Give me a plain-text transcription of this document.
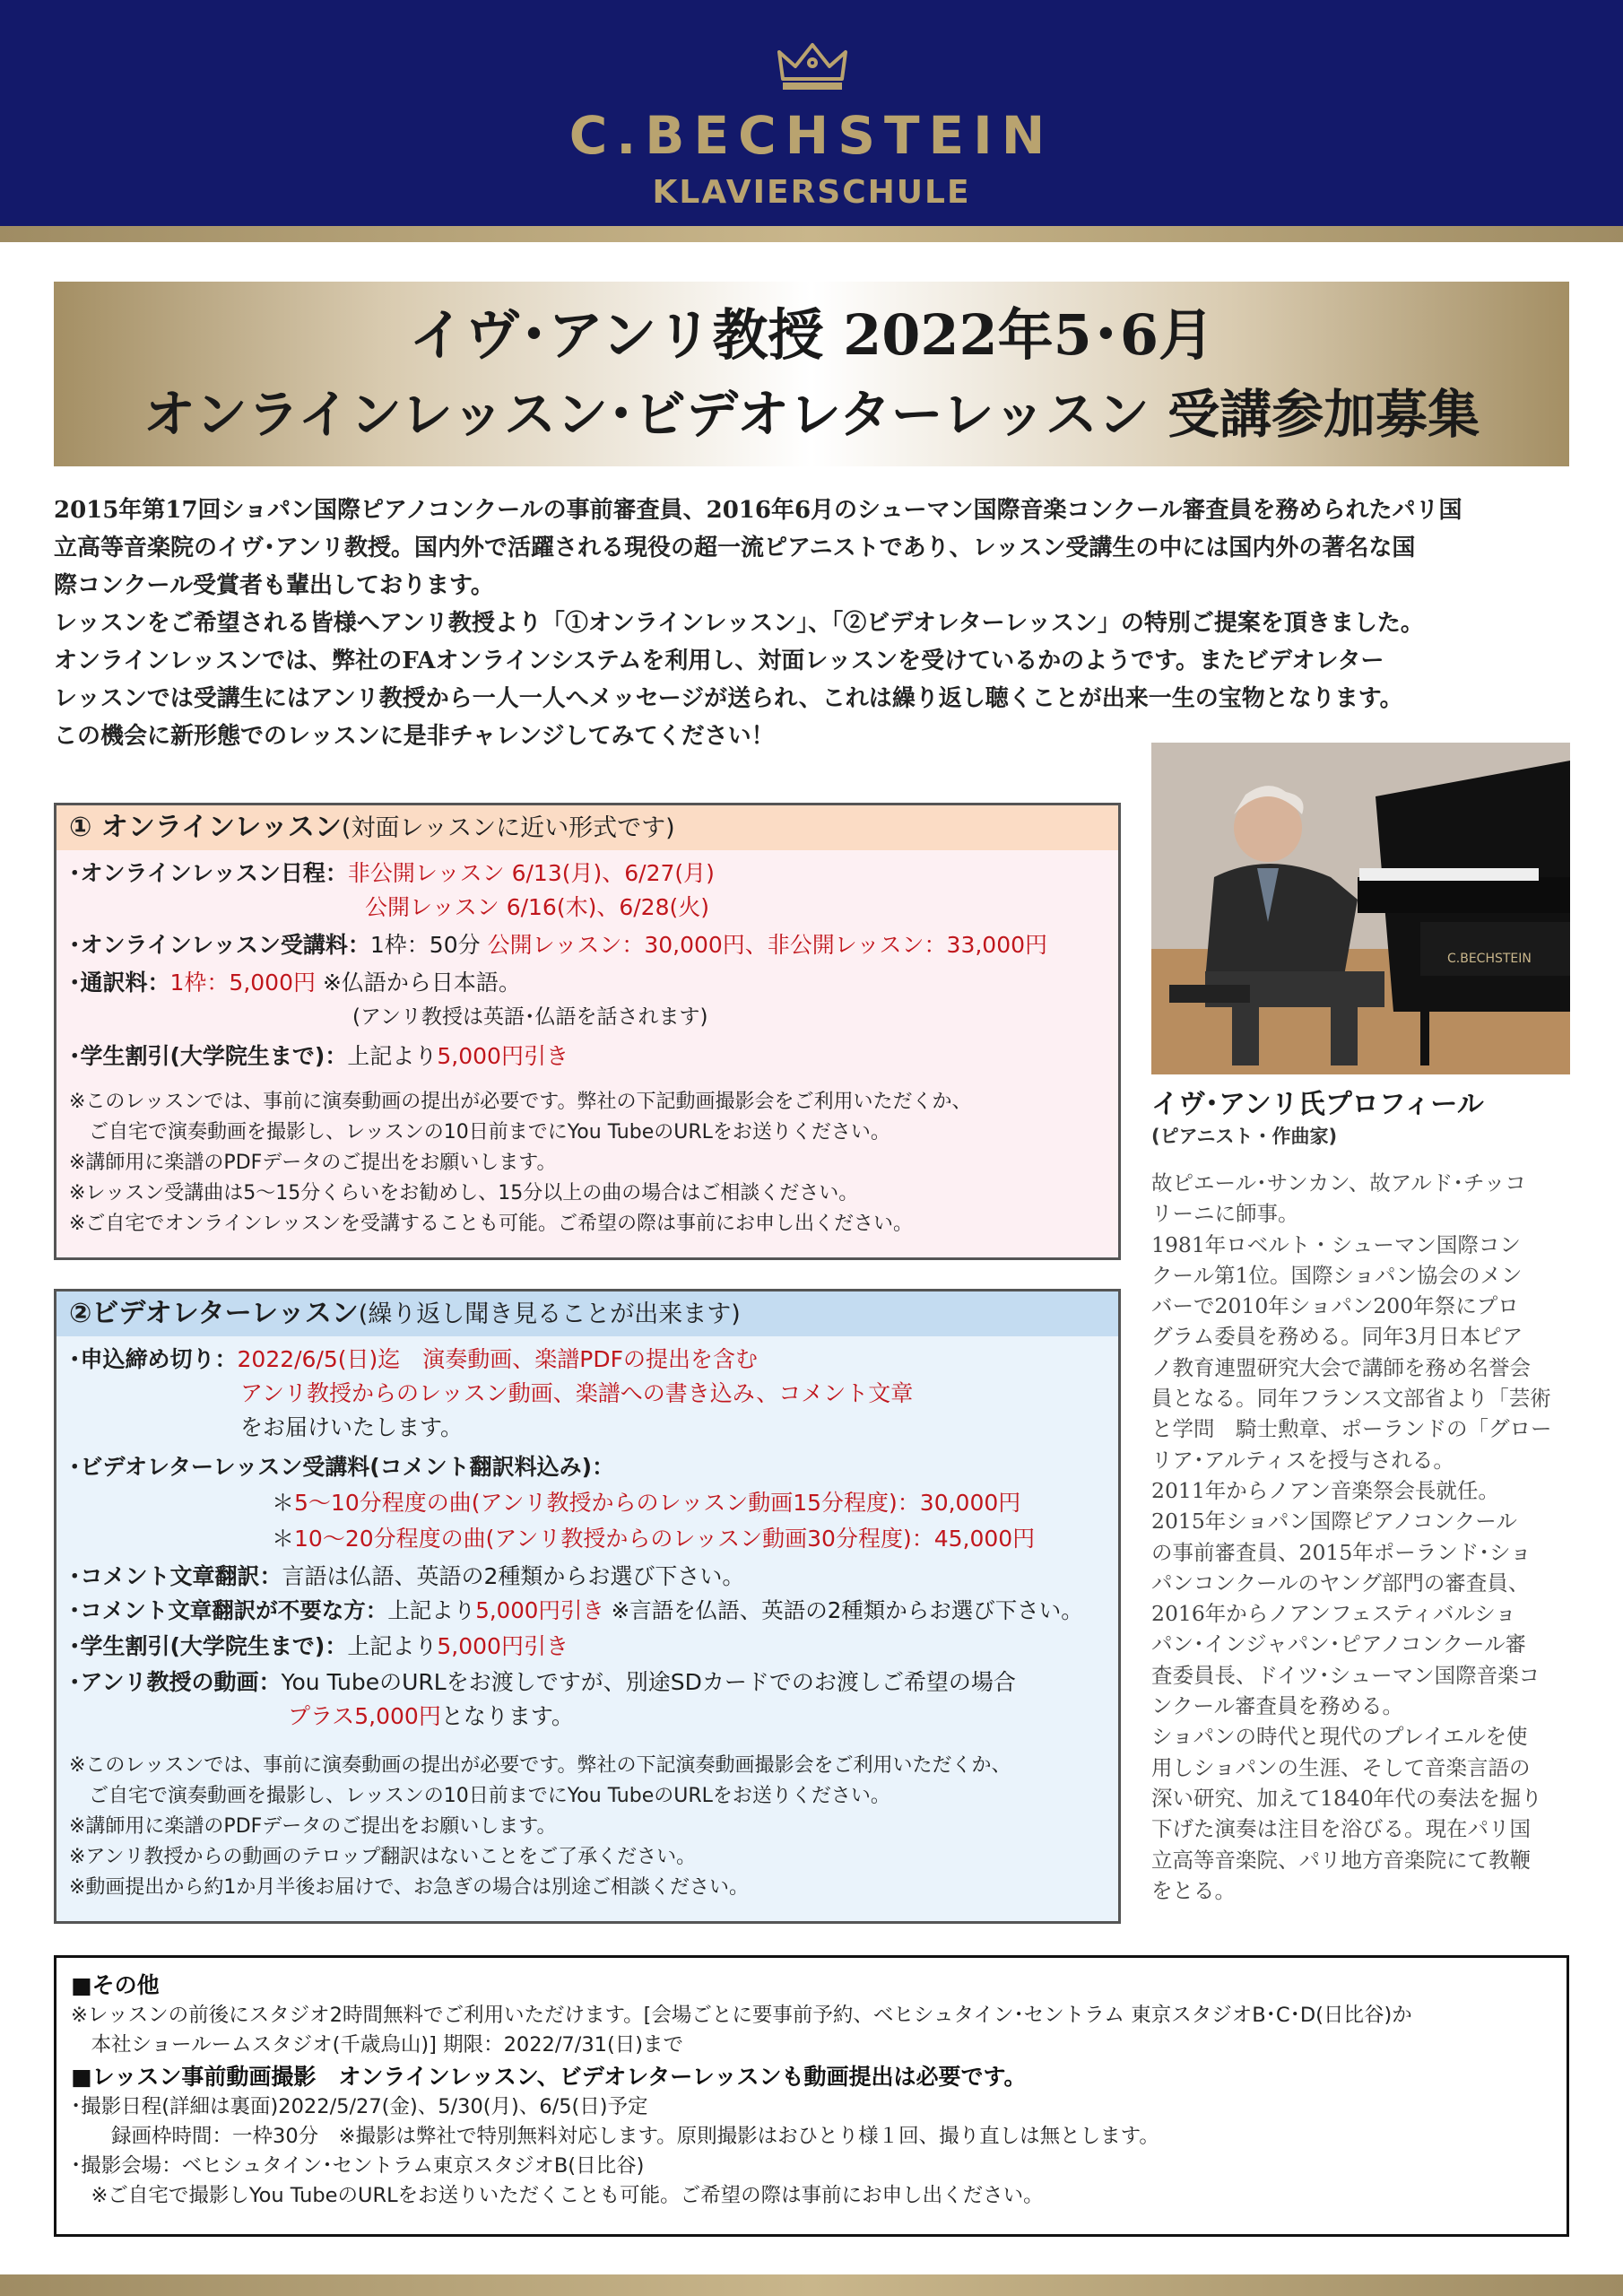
C.BECHSTEIN
KLAVIERSCHULE
イヴ･アンリ教授 2022年5･6月
オンラインレッスン･ビデオレターレッスン 受講参加募集

2015年第17回ショパン国際ピアノコンクールの事前審査員、2016年6月のシューマン国際音楽コンクール審査員を務められたパリ国

立高等音楽院のイヴ･アンリ教授。国内外で活躍される現役の超一流ピアニストであり、レッスン受講生の中には国内外の著名な国

際コンクール受賞者も輩出しております。

レッスンをご希望される皆様へアンリ教授より「①オンラインレッスン」、「②ビデオレターレッスン」の特別ご提案を頂きました。

オンラインレッスンでは、弊社のFAオンラインシステムを利用し、対面レッスンを受けているかのようです。またビデオレター

レッスンでは受講生にはアンリ教授から一人一人へメッセージが送られ、これは繰り返し聴くことが出来一生の宝物となります。

この機会に新形態でのレッスンに是非チャレンジしてみてください！

C.BECHSTEIN
イヴ･アンリ氏プロフィール
(ピアニスト・作曲家)
故ピエール･サンカン、故アルド･チッコ
リーニに師事。
1981年ロベルト・シューマン国際コン
クール第1位。国際ショパン協会のメン
バーで2010年ショパン200年祭にプロ
グラム委員を務める。同年3月日本ピア
ノ教育連盟研究大会で講師を務め名誉会
員となる。同年フランス文部省より「芸術
と学問　騎士勲章、ポーランドの「グロー
リア･アルティスを授与される。
2011年からノアン音楽祭会長就任。
2015年ショパン国際ピアノコンクール
の事前審査員、2015年ポーランド･ショ
パンコンクールのヤング部門の審査員、
2016年からノアンフェスティバルショ
パン･インジャパン･ピアノコンクール審
査委員長、ドイツ･シューマン国際音楽コ
ンクール審査員を務める。
ショパンの時代と現代のプレイエルを使
用しショパンの生涯、そして音楽言語の
深い研究、加えて1840年代の奏法を掘り
下げた演奏は注目を浴びる。現在パリ国
立高等音楽院、パリ地方音楽院にて教鞭
をとる。
① オンラインレッスン(対面レッスンに近い形式です)
･オンラインレッスン日程：非公開レッスン 6/13(月)、6/27(月)
公開レッスン 6/16(木)、6/28(火)
･オンラインレッスン受講料：1枠：50分 公開レッスン：30,000円、非公開レッスン：33,000円
･通訳料：1枠：5,000円 ※仏語から日本語。
(アンリ教授は英語･仏語を話されます)
･学生割引(大学院生まで)：上記より5,000円引き
※このレッスンでは、事前に演奏動画の提出が必要です。弊社の下記動画撮影会をご利用いただくか、
　ご自宅で演奏動画を撮影し、レッスンの10日前までにYou TubeのURLをお送りください。
※講師用に楽譜のPDFデータのご提出をお願いします。
※レッスン受講曲は5～15分くらいをお勧めし、15分以上の曲の場合はご相談ください。
※ご自宅でオンラインレッスンを受講することも可能。ご希望の際は事前にお申し出ください。
②ビデオレターレッスン(繰り返し聞き見ることが出来ます)
･申込締め切り：2022/6/5(日)迄　演奏動画、楽譜PDFの提出を含む
アンリ教授からのレッスン動画、楽譜への書き込み、コメント文章
をお届けいたします。
･ビデオレターレッスン受講料(コメント翻訳料込み)：
＊5～10分程度の曲(アンリ教授からのレッスン動画15分程度)：30,000円
＊10～20分程度の曲(アンリ教授からのレッスン動画30分程度)：45,000円
･コメント文章翻訳：言語は仏語、英語の2種類からお選び下さい。
･コメント文章翻訳が不要な方：上記より5,000円引き ※言語を仏語、英語の2種類からお選び下さい。
･学生割引(大学院生まで)：上記より5,000円引き
･アンリ教授の動画：You TubeのURLをお渡しですが、別途SDカードでのお渡しご希望の場合
プラス5,000円となります。
※このレッスンでは、事前に演奏動画の提出が必要です。弊社の下記演奏動画撮影会をご利用いただくか、
　ご自宅で演奏動画を撮影し、レッスンの10日前までにYou TubeのURLをお送りください。
※講師用に楽譜のPDFデータのご提出をお願いします。
※アンリ教授からの動画のテロップ翻訳はないことをご了承ください。
※動画提出から約1か月半後お届けで、お急ぎの場合は別途ご相談ください。
■その他
※レッスンの前後にスタジオ2時間無料でご利用いただけます。[会場ごとに要事前予約、ベヒシュタイン･セントラム 東京スタジオB･C･D(日比谷)か
　本社ショールームスタジオ(千歳烏山)] 期限：2022/7/31(日)まで
■レッスン事前動画撮影　オンラインレッスン、ビデオレターレッスンも動画提出は必要です。
･撮影日程(詳細は裏面)2022/5/27(金)、5/30(月)、6/5(日)予定
　　録画枠時間：一枠30分　※撮影は弊社で特別無料対応します。原則撮影はおひとり様１回、撮り直しは無とします。
･撮影会場：ベヒシュタイン･セントラム東京スタジオB(日比谷)
　※ご自宅で撮影しYou TubeのURLをお送りいただくことも可能。ご希望の際は事前にお申し出ください。
